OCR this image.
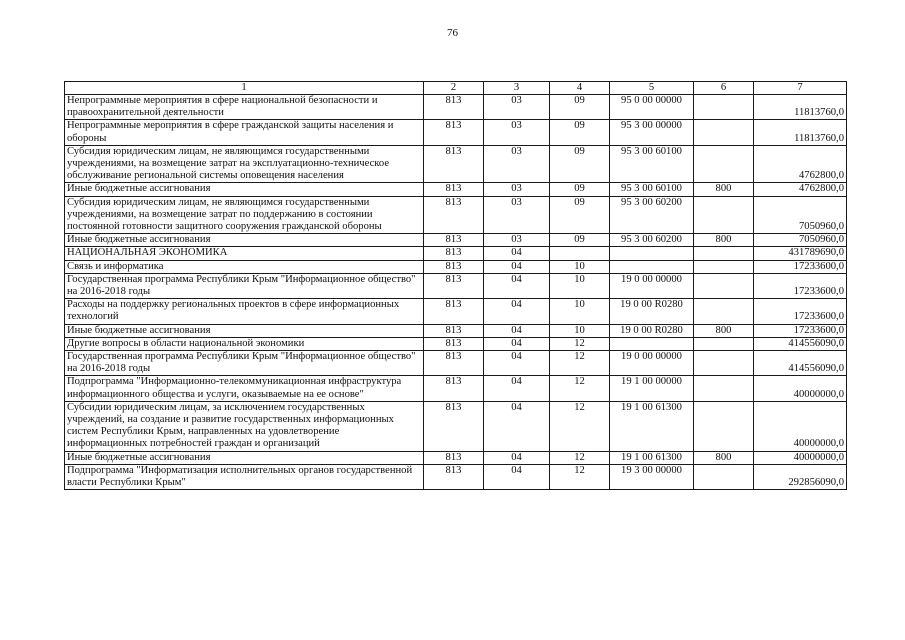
76
1	2	3	4	5	6	7
Непрограммные мероприятия в сфере национальной безопасности и правоохранительной деятельности	813	03	09	95 0 00 00000		11813760,0
Непрограммные мероприятия в сфере гражданской защиты населения и обороны	813	03	09	95 3 00 00000		11813760,0
Субсидия юридическим лицам, не являющимся государственными учреждениями, на возмещение затрат на эксплуатационно-техническое обслуживание региональной системы оповещения населения	813	03	09	95 3 00 60100		4762800,0
Иные бюджетные ассигнования	813	03	09	95 3 00 60100	800	4762800,0
Субсидия юридическим лицам, не являющимся государственными учреждениями, на возмещение затрат по поддержанию в состоянии постоянной готовности защитного сооружения гражданской обороны	813	03	09	95 3 00 60200		7050960,0
Иные бюджетные ассигнования	813	03	09	95 3 00 60200	800	7050960,0
НАЦИОНАЛЬНАЯ ЭКОНОМИКА	813	04				431789690,0
Связь и информатика	813	04	10			17233600,0
Государственная программа Республики Крым "Информационное общество" на 2016-2018 годы	813	04	10	19 0 00 00000		17233600,0
Расходы на поддержку региональных проектов в сфере информационных технологий	813	04	10	19 0 00 R0280		17233600,0
Иные бюджетные ассигнования	813	04	10	19 0 00 R0280	800	17233600,0
Другие вопросы в области национальной экономики	813	04	12			414556090,0
Государственная программа Республики Крым "Информационное общество" на 2016-2018 годы	813	04	12	19 0 00 00000		414556090,0
Подпрограмма "Информационно-телекоммуникационная инфраструктура информационного общества и услуги, оказываемые на ее основе"	813	04	12	19 1 00 00000		40000000,0
Субсидии юридическим лицам, за исключением государственных учреждений, на создание и развитие государственных информационных систем Республики Крым, направленных на удовлетворение информационных потребностей граждан и организаций	813	04	12	19 1 00 61300		40000000,0
Иные бюджетные ассигнования	813	04	12	19 1 00 61300	800	40000000,0
Подпрограмма "Информатизация исполнительных органов государственной власти Республики Крым"	813	04	12	19 3 00 00000		292856090,0
